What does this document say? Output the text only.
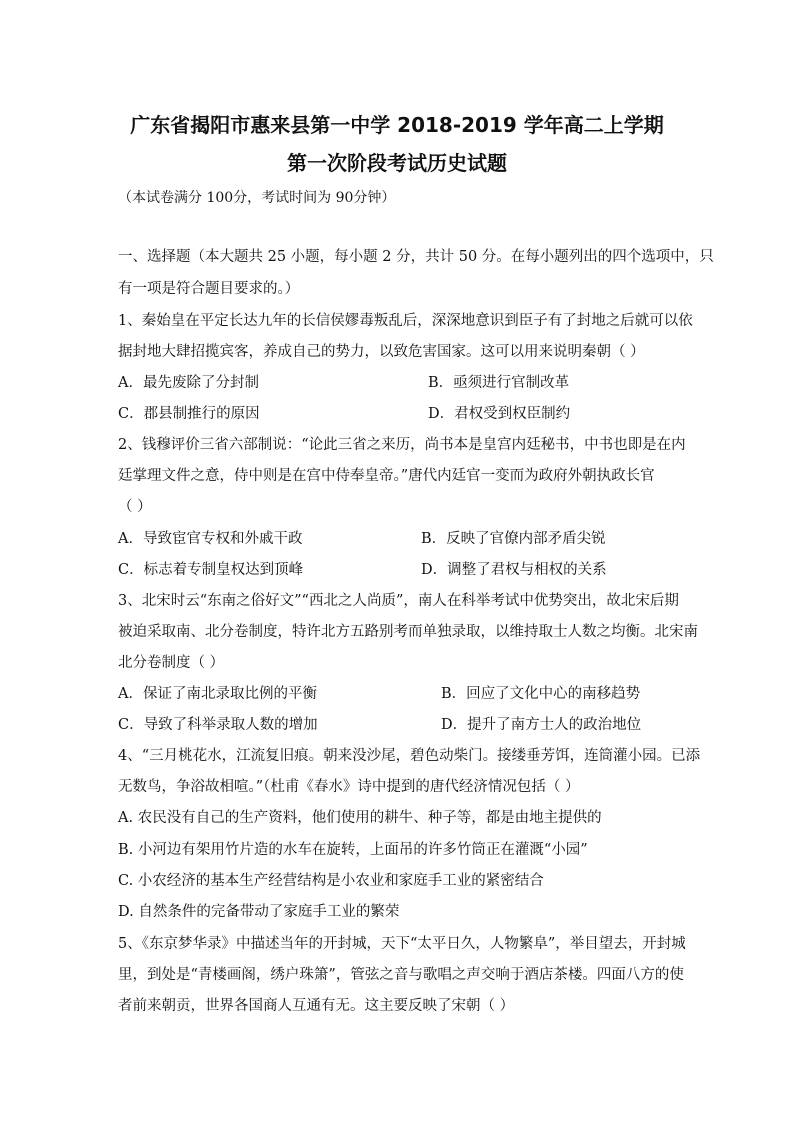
广东省揭阳市惠来县第一中学 2018-2019 学年高二上学期
第一次阶段考试历史试题
（本试卷满分 100分，考试时间为 90分钟）
一、选择题（本大题共 25 小题，每小题 2 分，共计 50 分。在每小题列出的四个选项中，只
有一项是符合题目要求的。）
1、秦始皇在平定长达九年的长信侯嫪毒叛乱后，深深地意识到臣子有了封地之后就可以依
据封地大肆招揽宾客，养成自己的势力，以致危害国家。这可以用来说明秦朝（ ）
A．最先废除了分封制	B．亟须进行官制改革
C．郡县制推行的原因	D．君权受到权臣制约
2、钱穆评价三省六部制说：“论此三省之来历，尚书本是皇宫内廷秘书，中书也即是在内
廷掌理文件之意，侍中则是在宫中侍奉皇帝。”唐代内廷官一变而为政府外朝执政长官
（ ）
A．导致宦官专权和外戚干政	B．反映了官僚内部矛盾尖锐
C．标志着专制皇权达到顶峰	D．调整了君权与相权的关系
3、北宋时云“东南之俗好文”“西北之人尚质”，南人在科举考试中优势突出，故北宋后期
被迫采取南、北分卷制度，特许北方五路别考而单独录取，以维持取士人数之均衡。北宋南
北分卷制度（ ）
A．保证了南北录取比例的平衡	B．回应了文化中心的南移趋势
C．导致了科举录取人数的增加	D．提升了南方士人的政治地位
4、“三月桃花水，江流复旧痕。朝来没沙尾，碧色动柴门。接缕垂芳饵，连筒灌小园。已添
无数鸟，争浴故相喧。”（杜甫《春水》诗中提到的唐代经济情况包括（ ）
A. 农民没有自己的生产资料，他们使用的耕牛、种子等，都是由地主提供的
B. 小河边有架用竹片造的水车在旋转，上面吊的许多竹筒正在灌溉“小园”
C. 小农经济的基本生产经营结构是小农业和家庭手工业的紧密结合
D. 自然条件的完备带动了家庭手工业的繁荣
5、《东京梦华录》中描述当年的开封城，天下“太平日久，人物繁阜”，举目望去，开封城
里，到处是“青楼画阁，绣户珠箫”，管弦之音与歌唱之声交响于酒店茶楼。四面八方的使
者前来朝贡，世界各国商人互通有无。这主要反映了宋朝（ ）
